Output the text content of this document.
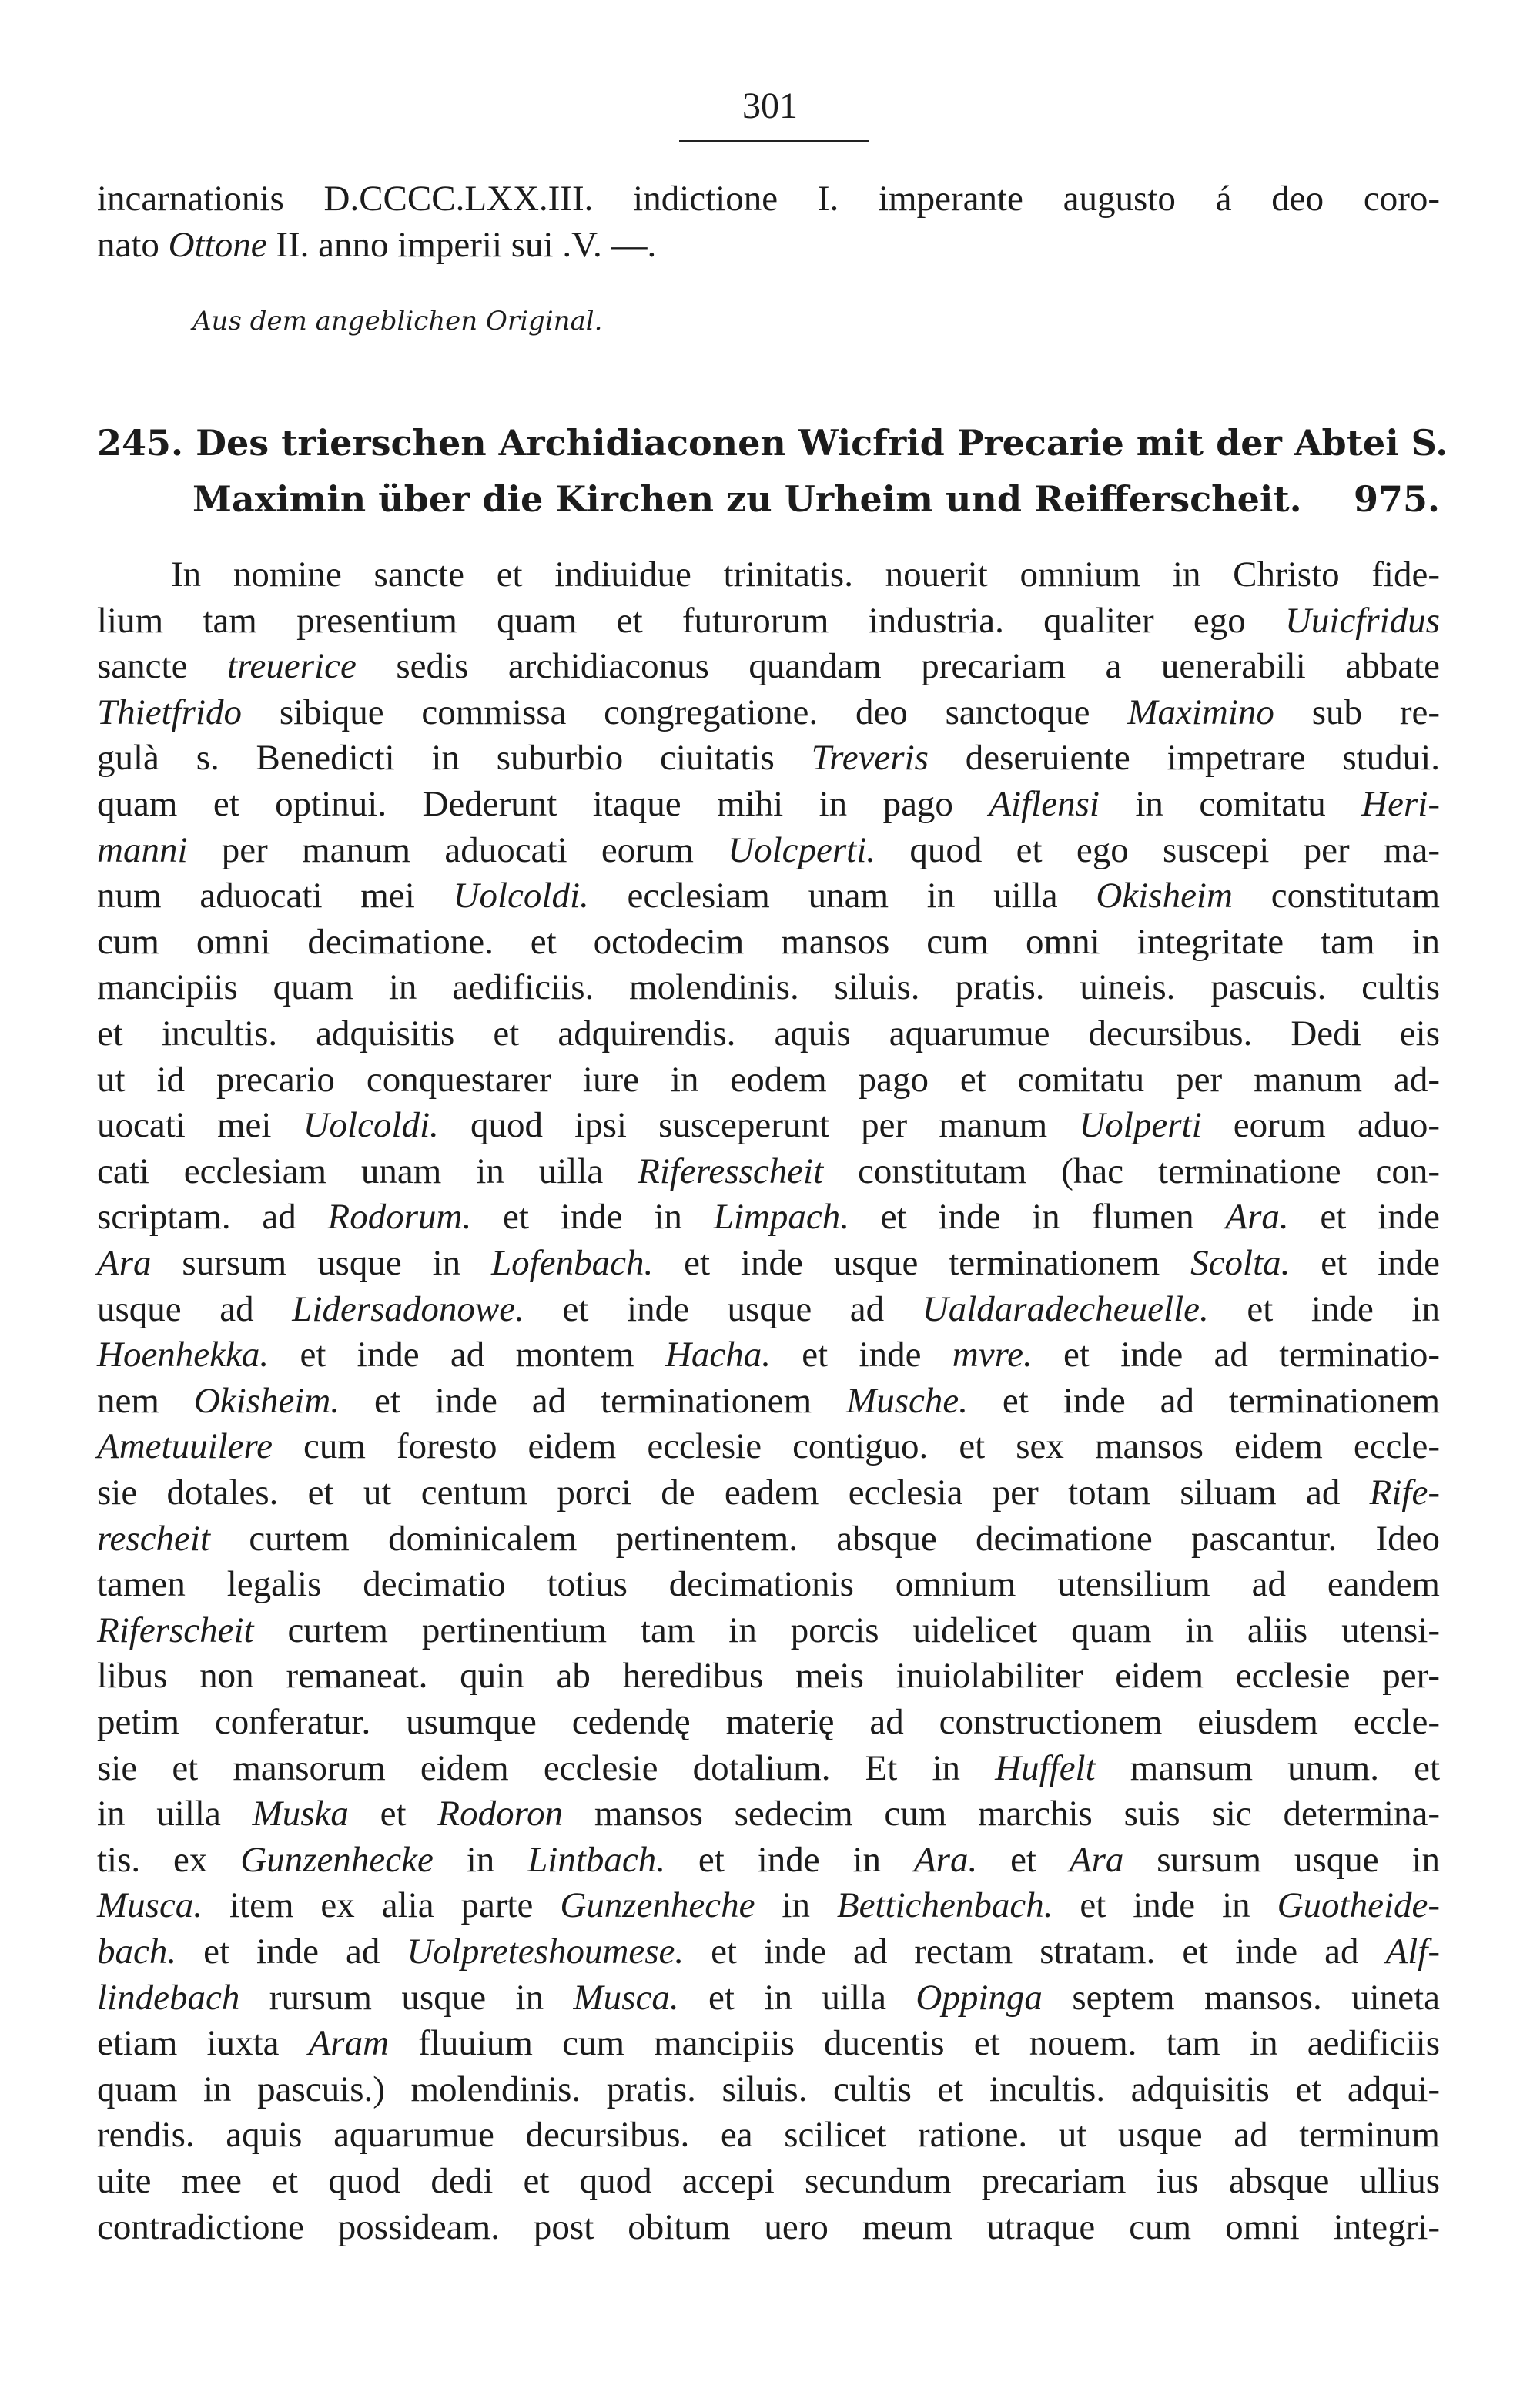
301
incarnationis D.CCCC.LXX.III. indictione I. imperante augusto á deo coro-
nato Ottone II. anno imperii sui .V. —.
Aus dem angeblichen Original.
245. Des trierschen Archidiaconen Wicfrid Precarie mit der Abtei S.
Maximin über die Kirchen zu Urheim und Reifferscheit. 975.
In nomine sancte et indiuidue trinitatis. nouerit omnium in Christo fide-
lium tam presentium quam et futurorum industria. qualiter ego Uuicfridus
sancte treuerice sedis archidiaconus quandam precariam a uenerabili abbate
Thietfrido sibique commissa congregatione. deo sanctoque Maximino sub re-
gulà s. Benedicti in suburbio ciuitatis Treveris deseruiente impetrare studui.
quam et optinui. Dederunt itaque mihi in pago Aiflensi in comitatu Heri-
manni per manum aduocati eorum Uolcperti. quod et ego suscepi per ma-
num aduocati mei Uolcoldi. ecclesiam unam in uilla Okisheim constitutam
cum omni decimatione. et octodecim mansos cum omni integritate tam in
mancipiis quam in aedificiis. molendinis. siluis. pratis. uineis. pascuis. cultis
et incultis. adquisitis et adquirendis. aquis aquarumue decursibus. Dedi eis
ut id precario conquestarer iure in eodem pago et comitatu per manum ad-
uocati mei Uolcoldi. quod ipsi susceperunt per manum Uolperti eorum aduo-
cati ecclesiam unam in uilla Riferesscheit constitutam (hac terminatione con-
scriptam. ad Rodorum. et inde in Limpach. et inde in flumen Ara. et inde
Ara sursum usque in Lofenbach. et inde usque terminationem Scolta. et inde
usque ad Lidersadonowe. et inde usque ad Ualdaradecheuelle. et inde in
Hoenhekka. et inde ad montem Hacha. et inde mvre. et inde ad terminatio-
nem Okisheim. et inde ad terminationem Musche. et inde ad terminationem
Ametuuilere cum foresto eidem ecclesie contiguo. et sex mansos eidem eccle-
sie dotales. et ut centum porci de eadem ecclesia per totam siluam ad Rife-
rescheit curtem dominicalem pertinentem. absque decimatione pascantur. Ideo
tamen legalis decimatio totius decimationis omnium utensilium ad eandem
Riferscheit curtem pertinentium tam in porcis uidelicet quam in aliis utensi-
libus non remaneat. quin ab heredibus meis inuiolabiliter eidem ecclesie per-
petim conferatur. usumque cedendę materię ad constructionem eiusdem eccle-
sie et mansorum eidem ecclesie dotalium. Et in Huffelt mansum unum. et
in uilla Muska et Rodoron mansos sedecim cum marchis suis sic determina-
tis. ex Gunzenhecke in Lintbach. et inde in Ara. et Ara sursum usque in
Musca. item ex alia parte Gunzenheche in Bettichenbach. et inde in Guotheide-
bach. et inde ad Uolpreteshoumese. et inde ad rectam stratam. et inde ad Alf-
lindebach rursum usque in Musca. et in uilla Oppinga septem mansos. uineta
etiam iuxta Aram fluuium cum mancipiis ducentis et nouem. tam in aedificiis
quam in pascuis.) molendinis. pratis. siluis. cultis et incultis. adquisitis et adqui-
rendis. aquis aquarumue decursibus. ea scilicet ratione. ut usque ad terminum
uite mee et quod dedi et quod accepi secundum precariam ius absque ullius
contradictione possideam. post obitum uero meum utraque cum omni integri-
